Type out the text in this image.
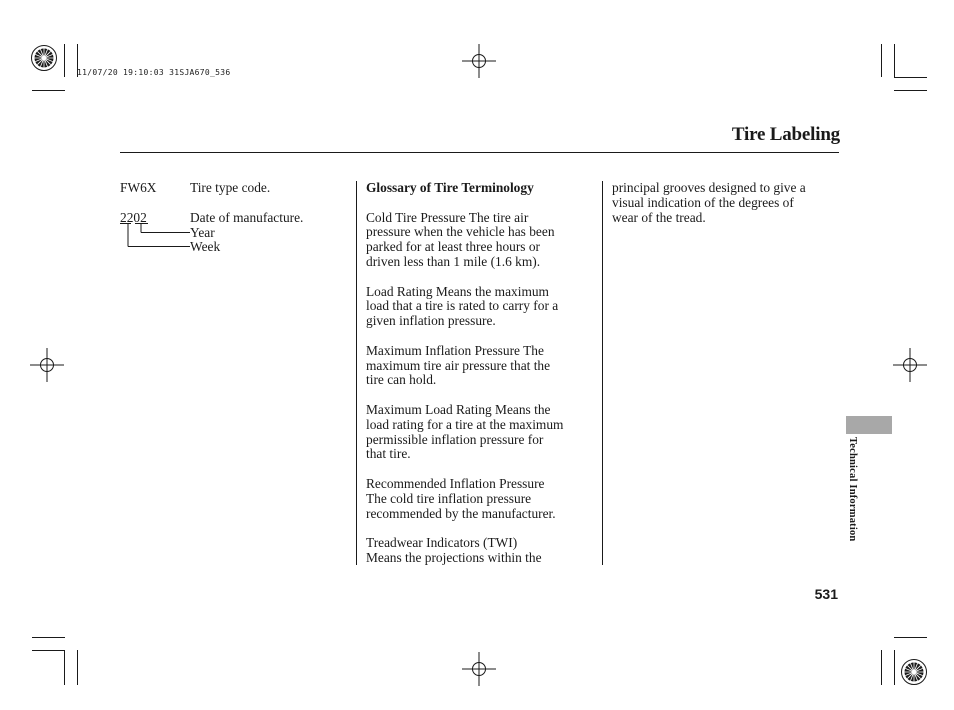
11/07/20 19:10:03 31SJA670_536
Tire Labeling
FW6X	Tire type code.
2202	Date of manufacture.
Year
Week

Glossary of Tire Terminology

Cold Tire Pressure The tire air
pressure when the vehicle has been
parked for at least three hours or
driven less than 1 mile (1.6 km).

Load Rating Means the maximum
load that a tire is rated to carry for a
given inflation pressure.

Maximum Inflation Pressure The
maximum tire air pressure that the
tire can hold.

Maximum Load Rating Means the
load rating for a tire at the maximum
permissible inflation pressure for
that tire.

Recommended Inflation Pressure
The cold tire inflation pressure
recommended by the manufacturer.

Treadwear Indicators (TWI)
Means the projections within the

principal grooves designed to give a
visual indication of the degrees of
wear of the tread.

Technical Information
531
